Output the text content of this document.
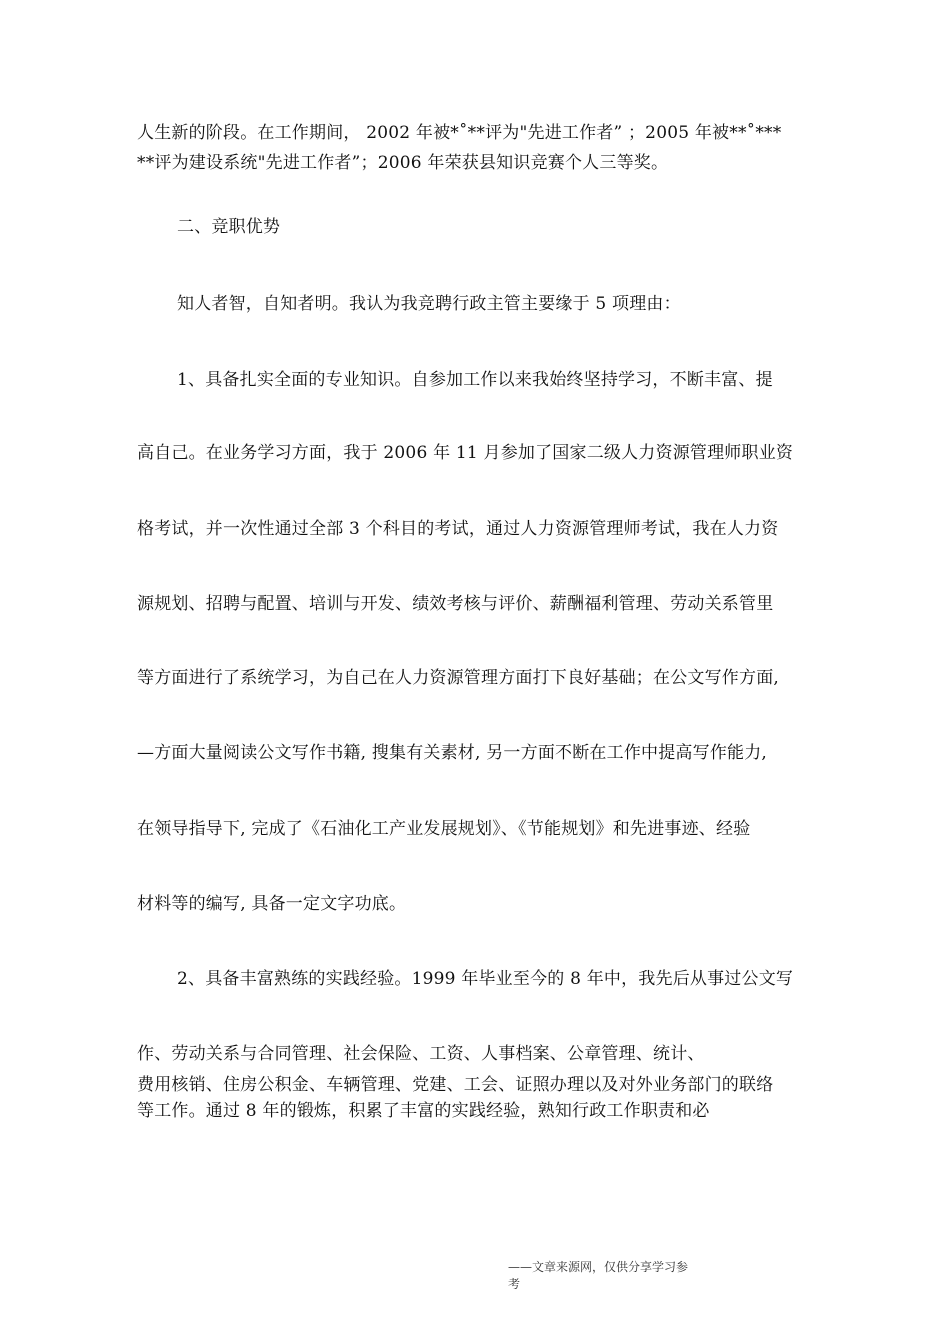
人生新的阶段。在工作期间， 2002 年被*˚**评为"先进工作者” ；2005 年被**˚***
**评为建设系统"先进工作者”；2006 年荣获县知识竞赛个人三等奖。
二、竞职优势
知人者智，自知者明。我认为我竞聘行政主管主要缘于 5 项理由：
1、具备扎实全面的专业知识。自参加工作以来我始终坚持学习，不断丰富、提
高自己。在业务学习方面，我于 2006 年 11 月参加了国家二级人力资源管理师职业资
格考试，并一次性通过全部 3 个科目的考试，通过人力资源管理师考试，我在人力资
源规划、招聘与配置、培训与开发、绩效考核与评价、薪酬福利管理、劳动关系管里
等方面进行了系统学习，为自己在人力资源管理方面打下良好基础；在公文写作方面,
—方面大量阅读公文写作书籍, 搜集有关素材, 另一方面不断在工作中提高写作能力,
在领导指导下, 完成了《石油化工产业发展规划》、《节能规划》和先进事迹、经验
材料等的编写, 具备一定文字功底。
2、具备丰富熟练的实践经验。1999 年毕业至今的 8 年中，我先后从事过公文写
作、劳动关系与合同管理、社会保险、工资、人事档案、公章管理、统计、
费用核销、住房公积金、车辆管理、党建、工会、证照办理以及对外业务部门的联络
等工作。通过 8 年的锻炼，积累了丰富的实践经验，熟知行政工作职责和必
——文章来源网，仅供分享学习参
考
